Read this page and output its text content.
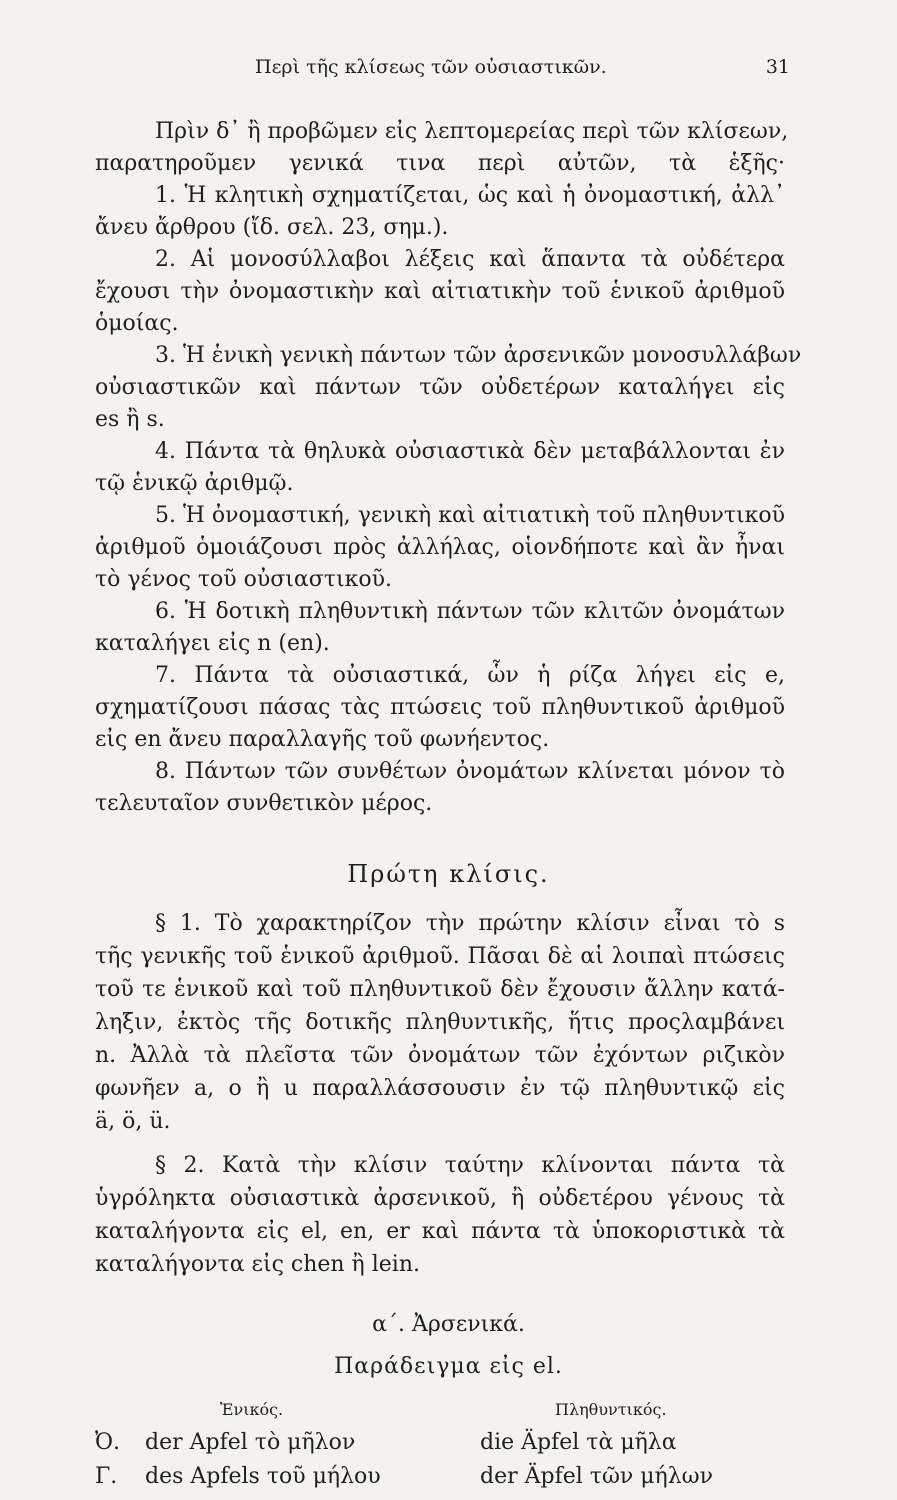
Περὶ τῆς κλίσεως τῶν οὐσιαστικῶν.	31
Πρὶν δ᾽ ἢ προβῶμεν εἰς λεπτομερείας περὶ τῶν κλίσεων,
παρατηροῦμεν γενικά τινα περὶ αὐτῶν, τὰ ἑξῆς·
1. Ἡ κλητικὴ σχηματίζεται, ὡς καὶ ἡ ὀνομαστική, ἀλλ᾽
ἄνευ ἄρθρου (ἴδ. σελ. 23, σημ.).
2. Αἱ μονοσύλλαβοι λέξεις καὶ ἅπαντα τὰ οὐδέτερα
ἔχουσι τὴν ὀνομαστικὴν καὶ αἰτιατικὴν τοῦ ἑνικοῦ ἀριθμοῦ
ὁμοίας.
3. Ἡ ἑνικὴ γενικὴ πάντων τῶν ἀρσενικῶν μονοσυλλάβων
οὐσιαστικῶν καὶ πάντων τῶν οὐδετέρων καταλήγει εἰς
es ἢ s.
4. Πάντα τὰ θηλυκὰ οὐσιαστικὰ δὲν μεταβάλλονται ἐν
τῷ ἑνικῷ ἀριθμῷ.
5. Ἡ ὀνομαστική, γενικὴ καὶ αἰτιατικὴ τοῦ πληθυντικοῦ
ἀριθμοῦ ὁμοιάζουσι πρὸς ἀλλήλας, οἱονδήποτε καὶ ἂν ἦναι
τὸ γένος τοῦ οὐσιαστικοῦ.
6. Ἡ δοτικὴ πληθυντικὴ πάντων τῶν κλιτῶν ὀνομάτων
καταλήγει εἰς n (en).
7. Πάντα τὰ οὐσιαστικά, ὧν ἡ ρίζα λήγει εἰς e,
σχηματίζουσι πάσας τὰς πτώσεις τοῦ πληθυντικοῦ ἀριθμοῦ
εἰς en ἄνευ παραλλαγῆς τοῦ φωνήεντος.
8. Πάντων τῶν συνθέτων ὀνομάτων κλίνεται μόνον τὸ
τελευταῖον συνθετικὸν μέρος.
Πρώτη κλίσις.
§ 1. Τὸ χαρακτηρίζον τὴν πρώτην κλίσιν εἶναι τὸ s
τῆς γενικῆς τοῦ ἑνικοῦ ἀριθμοῦ. Πᾶσαι δὲ αἱ λοιπαὶ πτώσεις
τοῦ τε ἑνικοῦ καὶ τοῦ πληθυντικοῦ δὲν ἔχουσιν ἄλλην κατά-
ληξιν, ἐκτὸς τῆς δοτικῆς πληθυντικῆς, ἥτις προςλαμβάνει
n. Ἀλλὰ τὰ πλεῖστα τῶν ὀνομάτων τῶν ἐχόντων ριζικὸν
φωνῆεν a, o ἢ u παραλλάσσουσιν ἐν τῷ πληθυντικῷ εἰς
ä, ö, ü.
§ 2. Κατὰ τὴν κλίσιν ταύτην κλίνονται πάντα τὰ
ὑγρόληκτα οὐσιαστικὰ ἀρσενικοῦ, ἢ οὐδετέρου γένους τὰ
καταλήγοντα εἰς el, en, er καὶ πάντα τὰ ὑποκοριστικὰ τὰ
καταλήγοντα εἰς chen ἢ lein.
α΄. Ἀρσενικά.
Παράδειγμα εἰς el.
Ἑνικός.	Πληθυντικός.
Ὀ. der Apfel τὸ μῆλον	die Äpfel τὰ μῆλα
Γ. des Apfels τοῦ μήλου	der Äpfel τῶν μήλων
